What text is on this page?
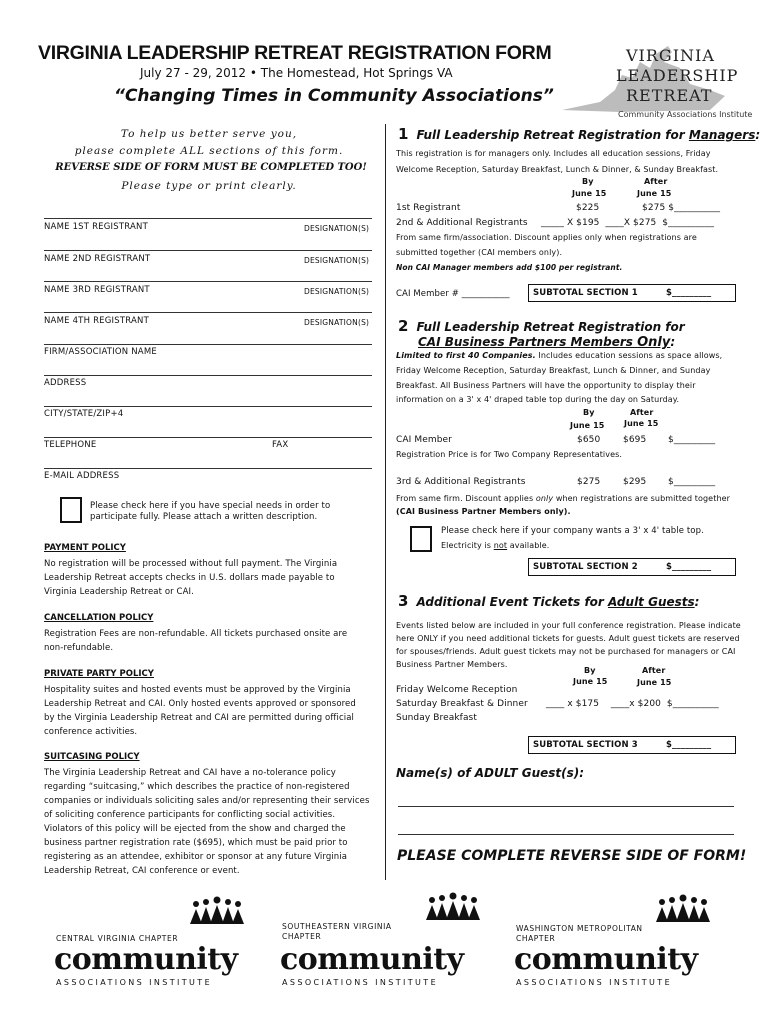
VIRGINIA LEADERSHIP RETREAT REGISTRATION FORM
July 27 - 29, 2012 • The Homestead, Hot Springs VA
“Changing Times in Community Associations”
VIRGINIA
LEADERSHIP
RETREAT
Community Associations Institute
To help us better serve you,
please complete ALL sections of this form.
REVERSE SIDE OF FORM MUST BE COMPLETED TOO!
Please type or print clearly.
NAME 1ST REGISTRANT	DESIGNATION(S)
NAME 2ND REGISTRANT	DESIGNATION(S)
NAME 3RD REGISTRANT	DESIGNATION(S)
NAME 4TH REGISTRANT	DESIGNATION(S)
FIRM/ASSOCIATION NAME
ADDRESS
CITY/STATE/ZIP+4
TELEPHONE	FAX
E-MAIL ADDRESS
Please check here if you have special needs in order to participate fully. Please attach a written description.
PAYMENT POLICY
No registration will be processed without full payment. The Virginia
Leadership Retreat accepts checks in U.S. dollars made payable to
Virginia Leadership Retreat or CAI.
CANCELLATION POLICY
Registration Fees are non-refundable. All tickets purchased onsite are
non-refundable.
PRIVATE PARTY POLICY
Hospitality suites and hosted events must be approved by the Virginia
Leadership Retreat and CAI. Only hosted events approved or sponsored
by the Virginia Leadership Retreat and CAI are permitted during official
conference activities.
SUITCASING POLICY
The Virginia Leadership Retreat and CAI have a no-tolerance policy
regarding “suitcasing,” which describes the practice of non-registered
companies or individuals soliciting sales and/or representing their services
of soliciting conference participants for conflicting social activities.
Violators of this policy will be ejected from the show and charged the
business partner registration rate ($695), which must be paid prior to
registering as an attendee, exhibitor or sponsor at any future Virginia
Leadership Retreat, CAI conference or event.
1 Full Leadership Retreat Registration for Managers:
This registration is for managers only. Includes all education sessions, Friday
Welcome Reception, Saturday Breakfast, Lunch & Dinner, & Sunday Breakfast.
By	After
June 15	June 15
1st Registrant	$225	$275 $__________
2nd & Additional Registrants _____ X $195  ____X $275  $__________
From same firm/association. Discount applies only when registrations are
submitted together (CAI members only).
Non CAI Manager members add $100 per registrant.
CAI Member # ___________	SUBTOTAL SECTION 1	$_________
2 Full Leadership Retreat Registration for
CAI Business Partners Members Only:
Limited to first 40 Companies. Includes education sessions as space allows,
Friday Welcome Reception, Saturday Breakfast, Lunch & Dinner, and Sunday
Breakfast. All Business Partners will have the opportunity to display their
information on a 3' x 4' draped table top during the day on Saturday.
By	After
June 15 June 15
CAI Member	$650	$695 $_________
Registration Price is for Two Company Representatives.
3rd & Additional Registrants	$275	$295 $_________
From same firm. Discount applies only when registrations are submitted together
(CAI Business Partner Members only).
Please check here if your company wants a 3' x 4' table top.
Electricity is not available.
SUBTOTAL SECTION 2	$_________
3 Additional Event Tickets for Adult Guests:
Events listed below are included in your full conference registration. Please indicate
here ONLY if you need additional tickets for guests. Adult guest tickets are reserved
for spouses/friends. Adult guest tickets may not be purchased for managers or CAI
Business Partner Members.
By	After
June 15	June 15
Friday Welcome Reception
Saturday Breakfast & Dinner ____ x $175    ____x $200  $__________
Sunday Breakfast
SUBTOTAL SECTION 3	$_________
Name(s) of ADULT Guest(s):
PLEASE COMPLETE REVERSE SIDE OF FORM!
CENTRAL VIRGINIA CHAPTER
community
ASSOCIATIONS INSTITUTE
SOUTHEASTERN VIRGINIA
CHAPTER
community
ASSOCIATIONS INSTITUTE
WASHINGTON METROPOLITAN
CHAPTER
community
ASSOCIATIONS INSTITUTE
